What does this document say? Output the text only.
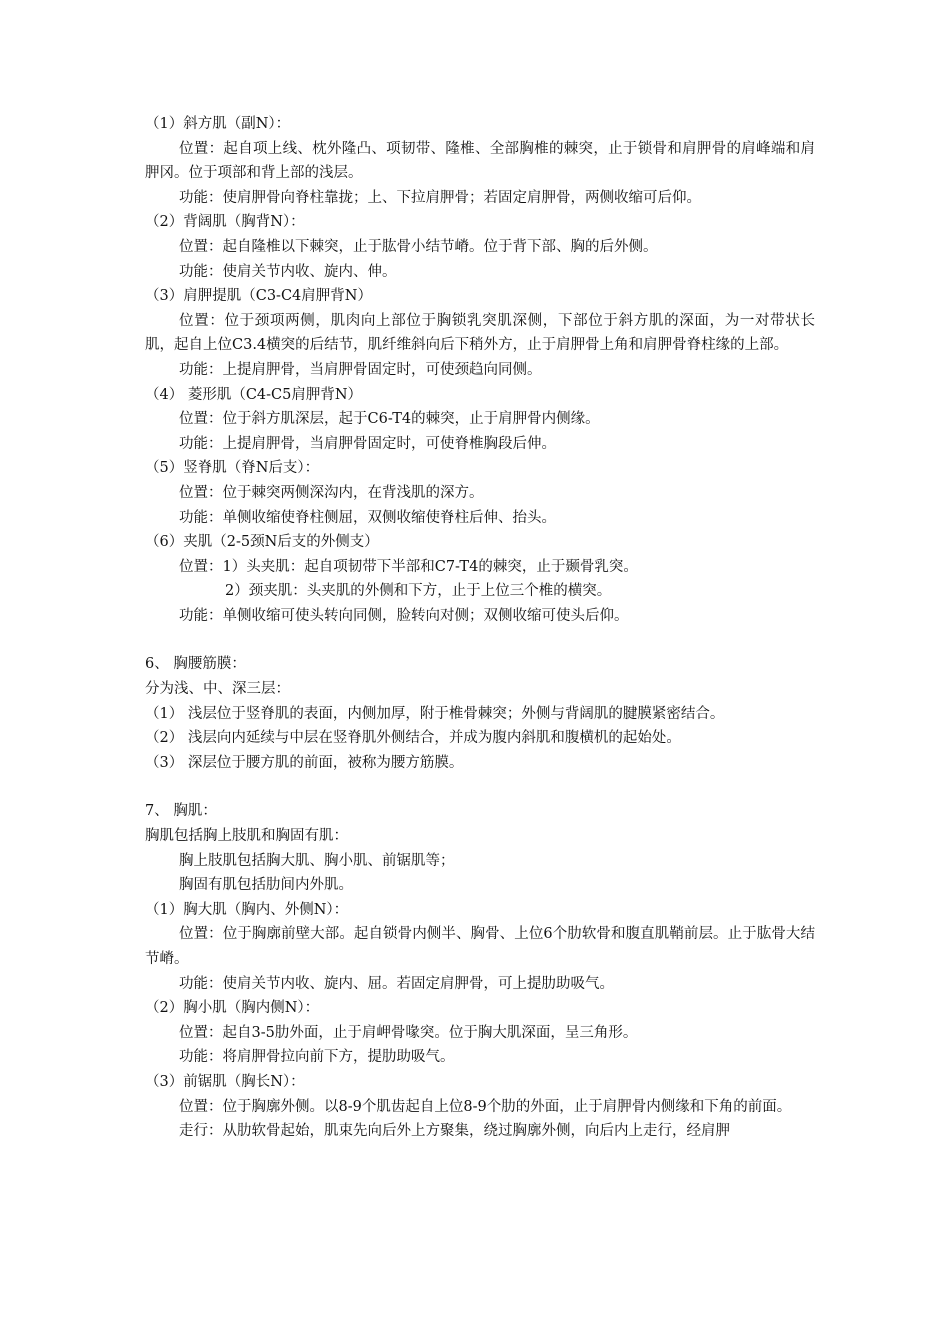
（1）斜方肌（副N）：

位置：起自项上线、枕外隆凸、项韧带、隆椎、全部胸椎的棘突，止于锁骨和肩胛骨的肩峰端和肩胛冈。位于项部和背上部的浅层。

功能：使肩胛骨向脊柱靠拢；上、下拉肩胛骨；若固定肩胛骨，两侧收缩可后仰。

（2）背阔肌（胸背N）：

位置：起自隆椎以下棘突，止于肱骨小结节嵴。位于背下部、胸的后外侧。

功能：使肩关节内收、旋内、伸。

（3）肩胛提肌（C3-C4肩胛背N）

位置：位于颈项两侧，肌肉向上部位于胸锁乳突肌深侧，下部位于斜方肌的深面，为一对带状长肌，起自上位C3.4横突的后结节，肌纤维斜向后下稍外方，止于肩胛骨上角和肩胛骨脊柱缘的上部。

功能：上提肩胛骨，当肩胛骨固定时，可使颈趋向同侧。

（4） 菱形肌（C4-C5肩胛背N）

位置：位于斜方肌深层，起于C6-T4的棘突，止于肩胛骨内侧缘。

功能：上提肩胛骨，当肩胛骨固定时，可使脊椎胸段后伸。

（5）竖脊肌（脊N后支）：

位置：位于棘突两侧深沟内，在背浅肌的深方。

功能：单侧收缩使脊柱侧屈，双侧收缩使脊柱后伸、抬头。

（6）夹肌（2-5颈N后支的外侧支）

位置：1）头夹肌：起自项韧带下半部和C7-T4的棘突，止于颞骨乳突。

2）颈夹肌：头夹肌的外侧和下方，止于上位三个椎的横突。

功能：单侧收缩可使头转向同侧，脸转向对侧；双侧收缩可使头后仰。

6、 胸腰筋膜：

分为浅、中、深三层：

（1） 浅层位于竖脊肌的表面，内侧加厚，附于椎骨棘突；外侧与背阔肌的腱膜紧密结合。

（2） 浅层向内延续与中层在竖脊肌外侧结合，并成为腹内斜肌和腹横机的起始处。

（3） 深层位于腰方肌的前面，被称为腰方筋膜。

7、 胸肌：

胸肌包括胸上肢肌和胸固有肌：

胸上肢肌包括胸大肌、胸小肌、前锯肌等；

胸固有肌包括肋间内外肌。

（1）胸大肌（胸内、外侧N）：

位置：位于胸廓前壁大部。起自锁骨内侧半、胸骨、上位6个肋软骨和腹直肌鞘前层。止于肱骨大结节嵴。

功能：使肩关节内收、旋内、屈。若固定肩胛骨，可上提肋助吸气。

（2）胸小肌（胸内侧N）：

位置：起自3-5肋外面，止于肩岬骨喙突。位于胸大肌深面，呈三角形。

功能：将肩胛骨拉向前下方，提肋助吸气。

（3）前锯肌（胸长N）：

位置：位于胸廓外侧。以8-9个肌齿起自上位8-9个肋的外面，止于肩胛骨内侧缘和下角的前面。

走行：从肋软骨起始，肌束先向后外上方聚集，绕过胸廓外侧，向后内上走行，经肩胛
